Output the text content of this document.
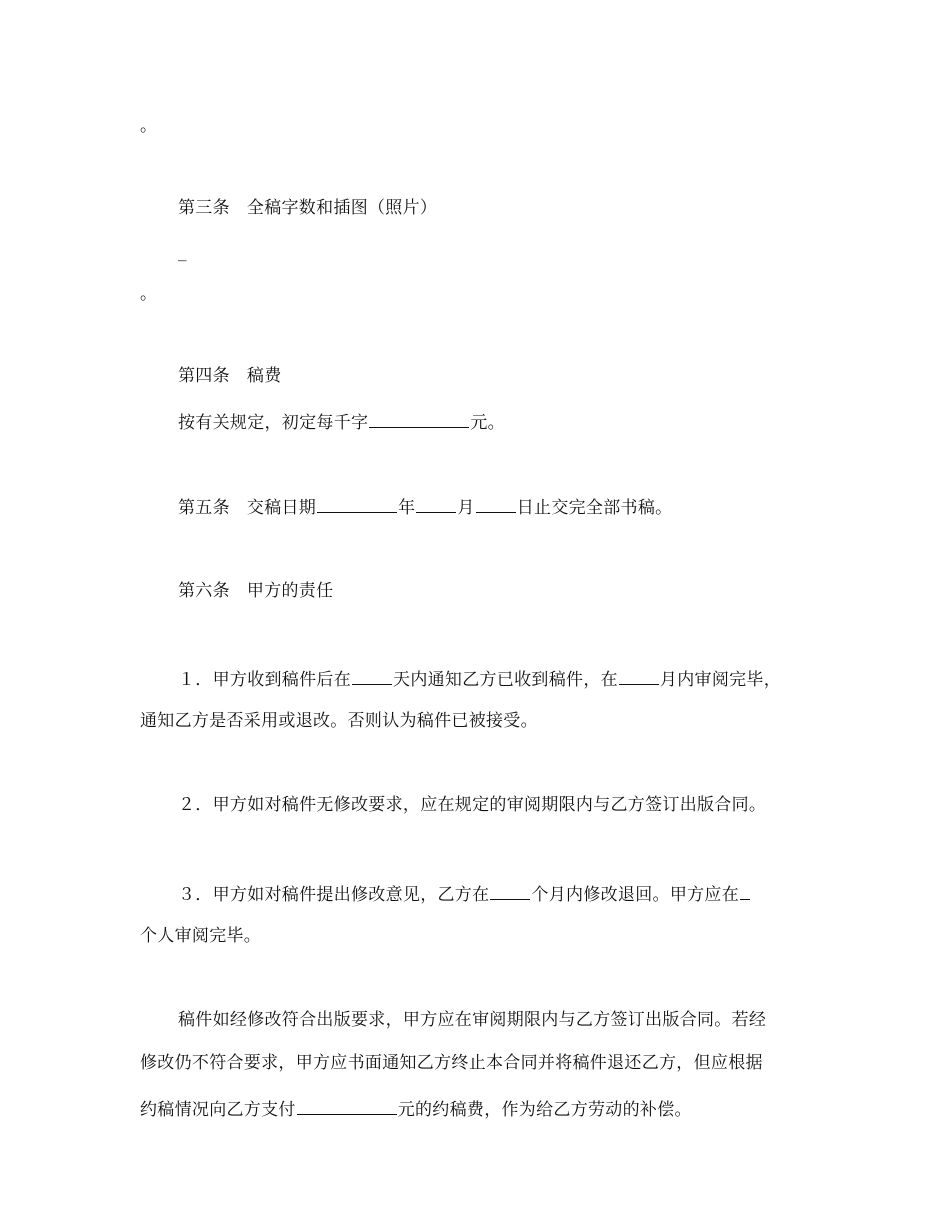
。
第三条 全稿字数和插图（照片）
_
。
第四条 稿费
按有关规定，初定每千字	元。
第五条 交稿日期	年 月 日止交完全部书稿。
第六条 甲方的责任
１．甲方收到稿件后在 天内通知乙方已收到稿件，在 月内审阅完毕，
通知乙方是否采用或退改。否则认为稿件已被接受。
２．甲方如对稿件无修改要求，应在规定的审阅期限内与乙方签订出版合同。
３．甲方如对稿件提出修改意见，乙方在 个月内修改退回。甲方应在
个人审阅完毕。
稿件如经修改符合出版要求，甲方应在审阅期限内与乙方签订出版合同。若经
修改仍不符合要求，甲方应书面通知乙方终止本合同并将稿件退还乙方，但应根据
约稿情况向乙方支付	元的约稿费，作为给乙方劳动的补偿。
